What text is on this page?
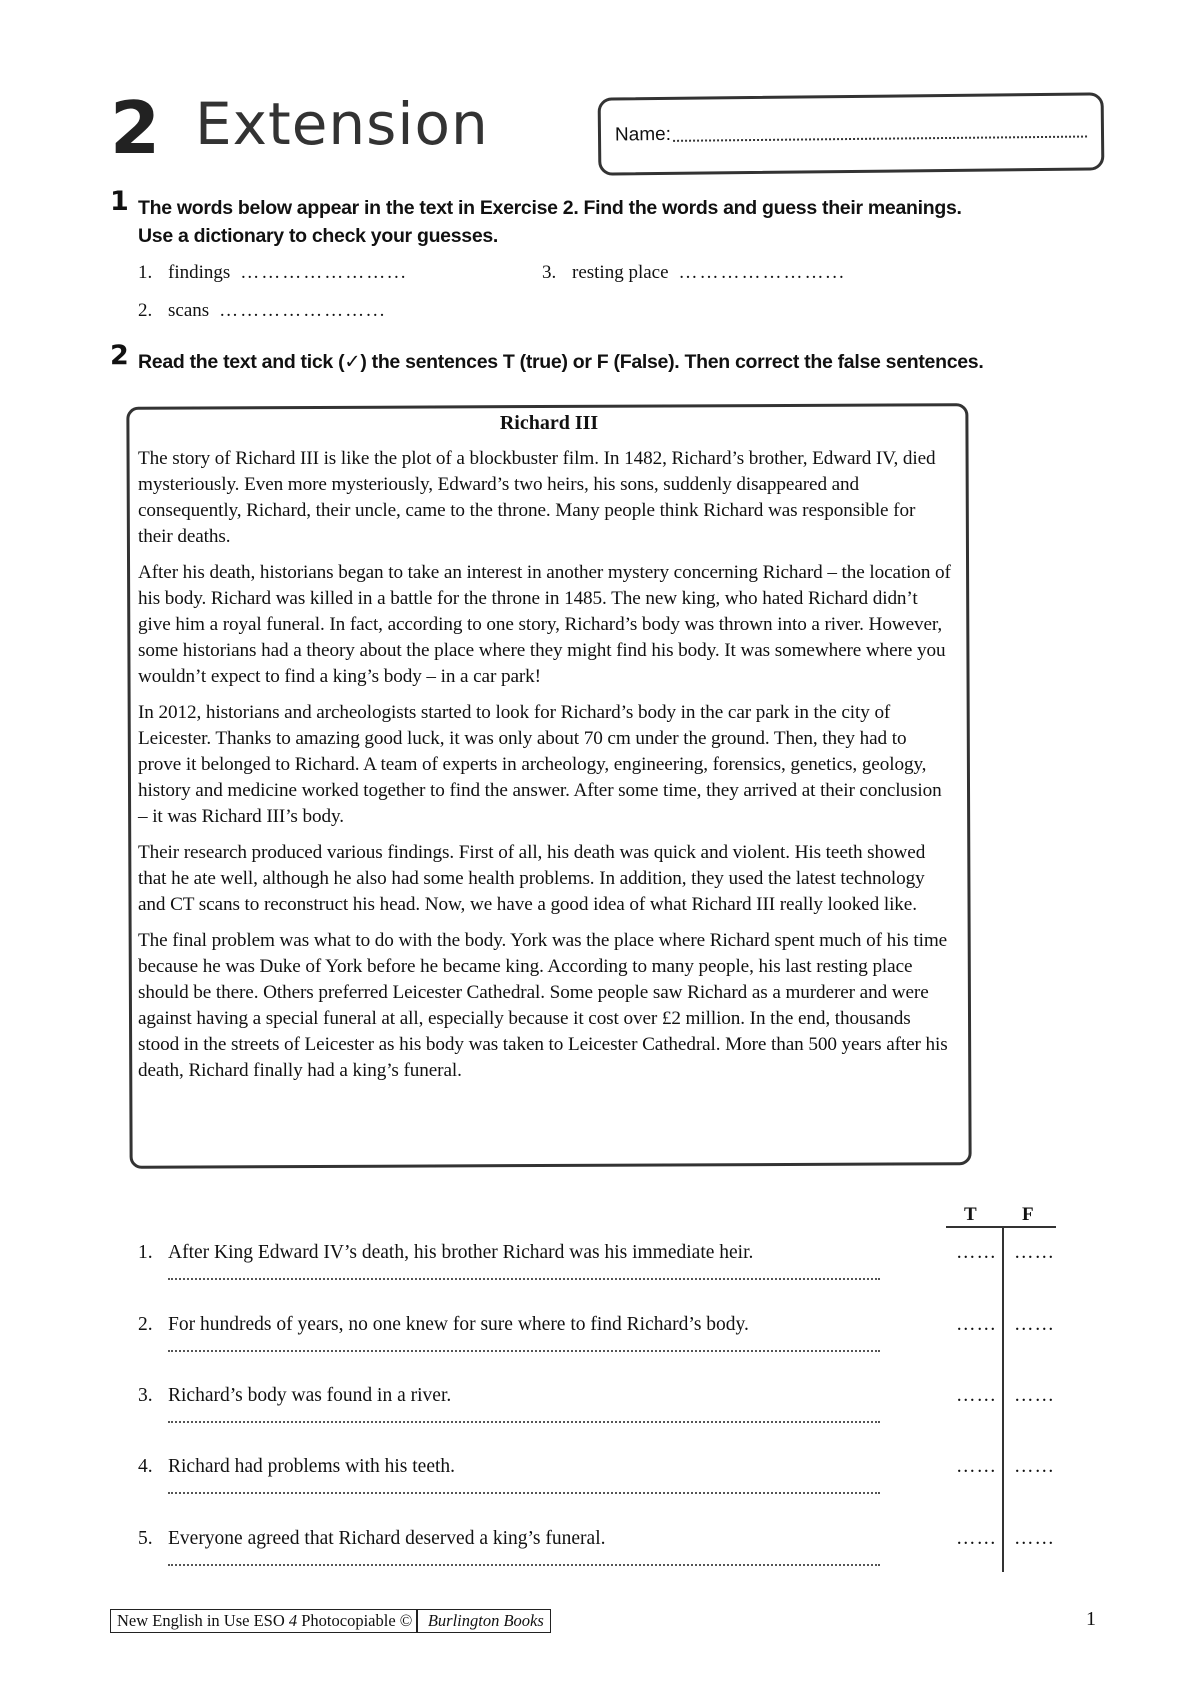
2 Extension	Name:
1 The words below appear in the text in Exercise 2. Find the words and guess their meanings.
Use a dictionary to check your guesses.
1. findings …………………...
2. scans …………………...
3. resting place …………………...
2 Read the text and tick (✓) the sentences T (true) or F (False). Then correct the false sentences.
Richard III

The story of Richard III is like the plot of a blockbuster film. In 1482, Richard’s brother, Edward IV, died mysteriously. Even more mysteriously, Edward’s two heirs, his sons, suddenly disappeared and consequently, Richard, their uncle, came to the throne. Many people think Richard was responsible for their deaths.

After his death, historians began to take an interest in another mystery concerning Richard – the location of his body. Richard was killed in a battle for the throne in 1485. The new king, who hated Richard didn’t give him a royal funeral. In fact, according to one story, Richard’s body was thrown into a river. However, some historians had a theory about the place where they might find his body. It was somewhere where you wouldn’t expect to find a king’s body – in a car park!

In 2012, historians and archeologists started to look for Richard’s body in the car park in the city of Leicester. Thanks to amazing good luck, it was only about 70 cm under the ground. Then, they had to prove it belonged to Richard. A team of experts in archeology, engineering, forensics, genetics, geology, history and medicine worked together to find the answer. After some time, they arrived at their conclusion – it was Richard III’s body.

Their research produced various findings. First of all, his death was quick and violent. His teeth showed that he ate well, although he also had some health problems. In addition, they used the latest technology and CT scans to reconstruct his head. Now, we have a good idea of what Richard III really looked like.

The final problem was what to do with the body. York was the place where Richard spent much of his time because he was Duke of York before he became king. According to many people, his last resting place should be there. Others preferred Leicester Cathedral. Some people saw Richard as a murderer and were against having a special funeral at all, especially because it cost over £2 million. In the end, thousands stood in the streets of Leicester as his body was taken to Leicester Cathedral. More than 500 years after his death, Richard finally had a king’s funeral.

T F
1. After King Edward IV’s death, his brother Richard was his immediate heir.	…… ……
2. For hundreds of years, no one knew for sure where to find Richard’s body.	…… ……
3. Richard’s body was found in a river.	…… ……
4. Richard had problems with his teeth.	…… ……
5. Everyone agreed that Richard deserved a king’s funeral.	…… ……
New English in Use ESO 4 Photocopiable © Burlington Books	1
